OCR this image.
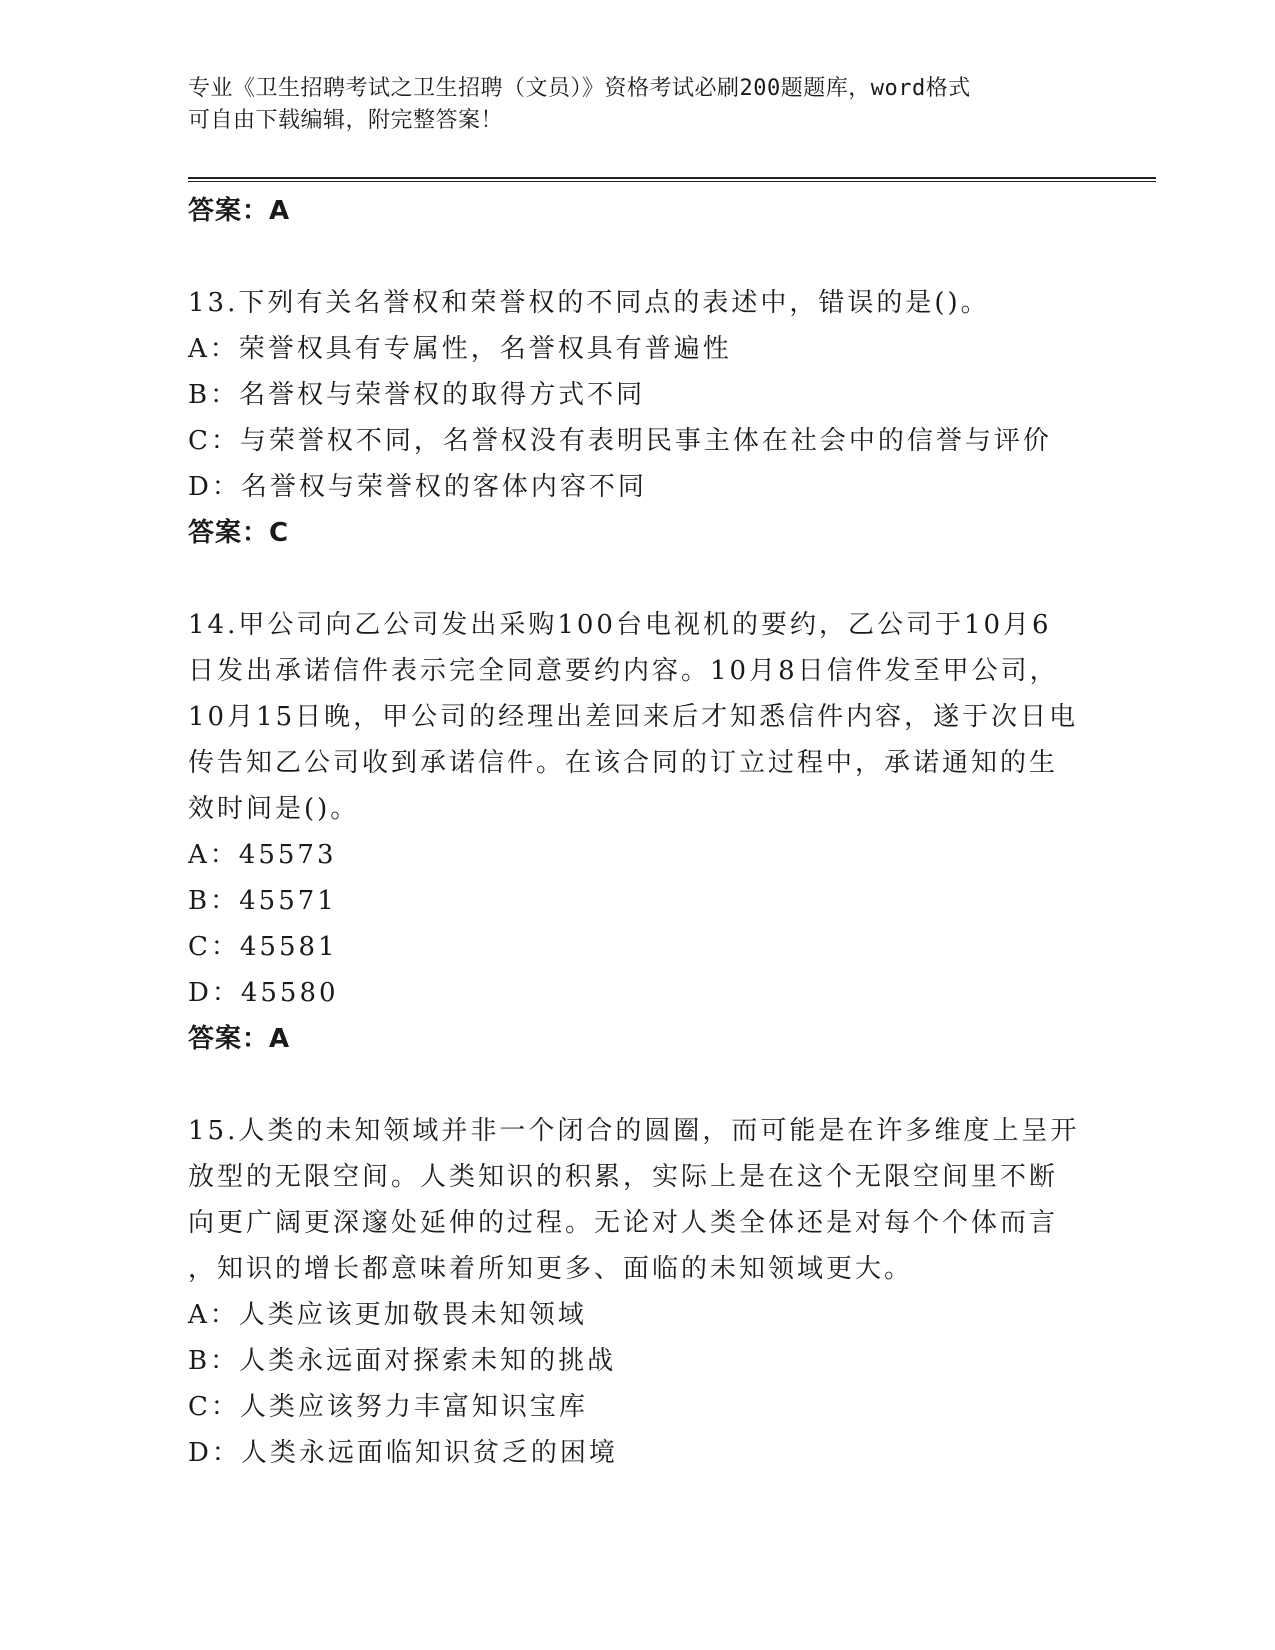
专业《卫生招聘考试之卫生招聘（文员）》资格考试必刷200题题库，word格式
可自由下载编辑，附完整答案！
答案：A
13.下列有关名誉权和荣誉权的不同点的表述中，错误的是()。
A：荣誉权具有专属性，名誉权具有普遍性
B：名誉权与荣誉权的取得方式不同
C：与荣誉权不同，名誉权没有表明民事主体在社会中的信誉与评价
D：名誉权与荣誉权的客体内容不同
答案：C
14.甲公司向乙公司发出采购100台电视机的要约，乙公司于10月6
日发出承诺信件表示完全同意要约内容。10月8日信件发至甲公司，
10月15日晚，甲公司的经理出差回来后才知悉信件内容，遂于次日电
传告知乙公司收到承诺信件。在该合同的订立过程中，承诺通知的生
效时间是()。
A：45573
B：45571
C：45581
D：45580
答案：A
15.人类的未知领域并非一个闭合的圆圈，而可能是在许多维度上呈开
放型的无限空间。人类知识的积累，实际上是在这个无限空间里不断
向更广阔更深邃处延伸的过程。无论对人类全体还是对每个个体而言
，知识的增长都意味着所知更多、面临的未知领域更大。
A：人类应该更加敬畏未知领域
B：人类永远面对探索未知的挑战
C：人类应该努力丰富知识宝库
D：人类永远面临知识贫乏的困境
